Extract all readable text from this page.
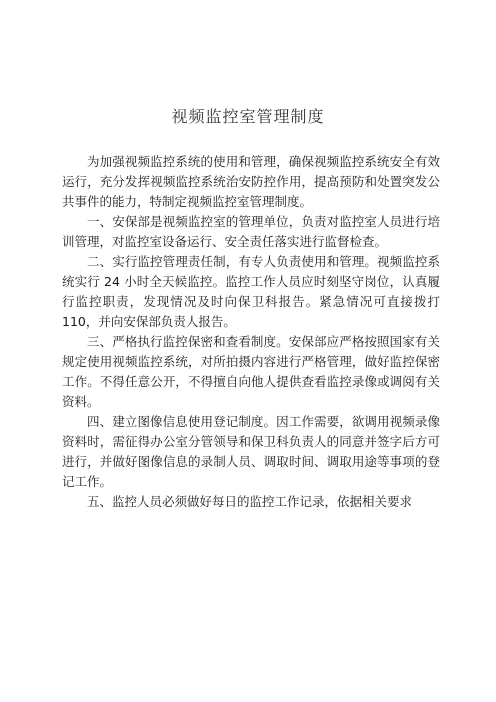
视频监控室管理制度

为加强视频监控系统的使用和管理，确保视频监控系统安全有效运行，充分发挥视频监控系统治安防控作用，提高预防和处置突发公共事件的能力，特制定视频监控室管理制度。

一、安保部是视频监控室的管理单位，负责对监控室人员进行培训管理，对监控室设备运行、安全责任落实进行监督检查。

二、实行监控管理责任制，有专人负责使用和管理。视频监控系统实行 24 小时全天候监控。监控工作人员应时刻坚守岗位，认真履行监控职责，发现情况及时向保卫科报告。紧急情况可直接拨打 110，并向安保部负责人报告。

三、严格执行监控保密和查看制度。安保部应严格按照国家有关规定使用视频监控系统，对所拍摄内容进行严格管理，做好监控保密工作。不得任意公开，不得擅自向他人提供查看监控录像或调阅有关资料。

四、建立图像信息使用登记制度。因工作需要，欲调用视频录像资料时，需征得办公室分管领导和保卫科负责人的同意并签字后方可进行，并做好图像信息的录制人员、调取时间、调取用途等事项的登记工作。

五、监控人员必须做好每日的监控工作记录，依据相关要求
